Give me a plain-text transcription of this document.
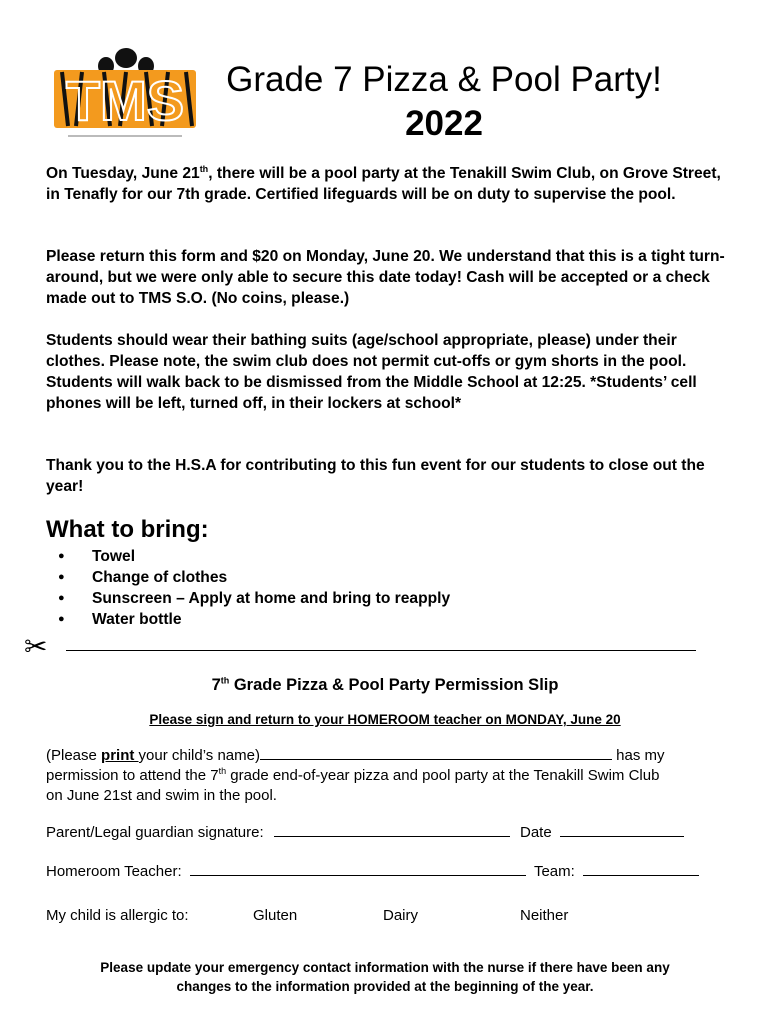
TMS	Grade 7 Pizza & Pool Party!
2022

On Tuesday, June 21th, there will be a pool party at the Tenakill Swim Club, on Grove Street, in Tenafly for our 7th grade. Certified lifeguards will be on duty to supervise the pool.

Please return this form and $20 on Monday, June 20. We understand that this is a tight turn-around, but we were only able to secure this date today! Cash will be accepted or a check made out to TMS S.O. (No coins, please.)

Students should wear their bathing suits (age/school appropriate, please) under their clothes. Please note, the swim club does not permit cut-offs or gym shorts in the pool. Students will walk back to be dismissed from the Middle School at 12:25. *Students’ cell phones will be left, turned off, in their lockers at school*

Thank you to the H.S.A for contributing to this fun event for our students to close out the year!

What to bring:
●	Towel
●	Change of clothes
●	Sunscreen – Apply at home and bring to reapply
●	Water bottle
✂
7th Grade Pizza & Pool Party Permission Slip
Please sign and return to your HOMEROOM teacher on MONDAY, June 20
(Please print your child’s name)	has my
permission to attend the 7th grade end-of-year pizza and pool party at the Tenakill Swim Club
on June 21st and swim in the pool.
Parent/Legal guardian signature:	Date
Homeroom Teacher:	Team:
My child is allergic to:	Gluten	Dairy	Neither
Please update your emergency contact information with the nurse if there have been any
changes to the information provided at the beginning of the year.
